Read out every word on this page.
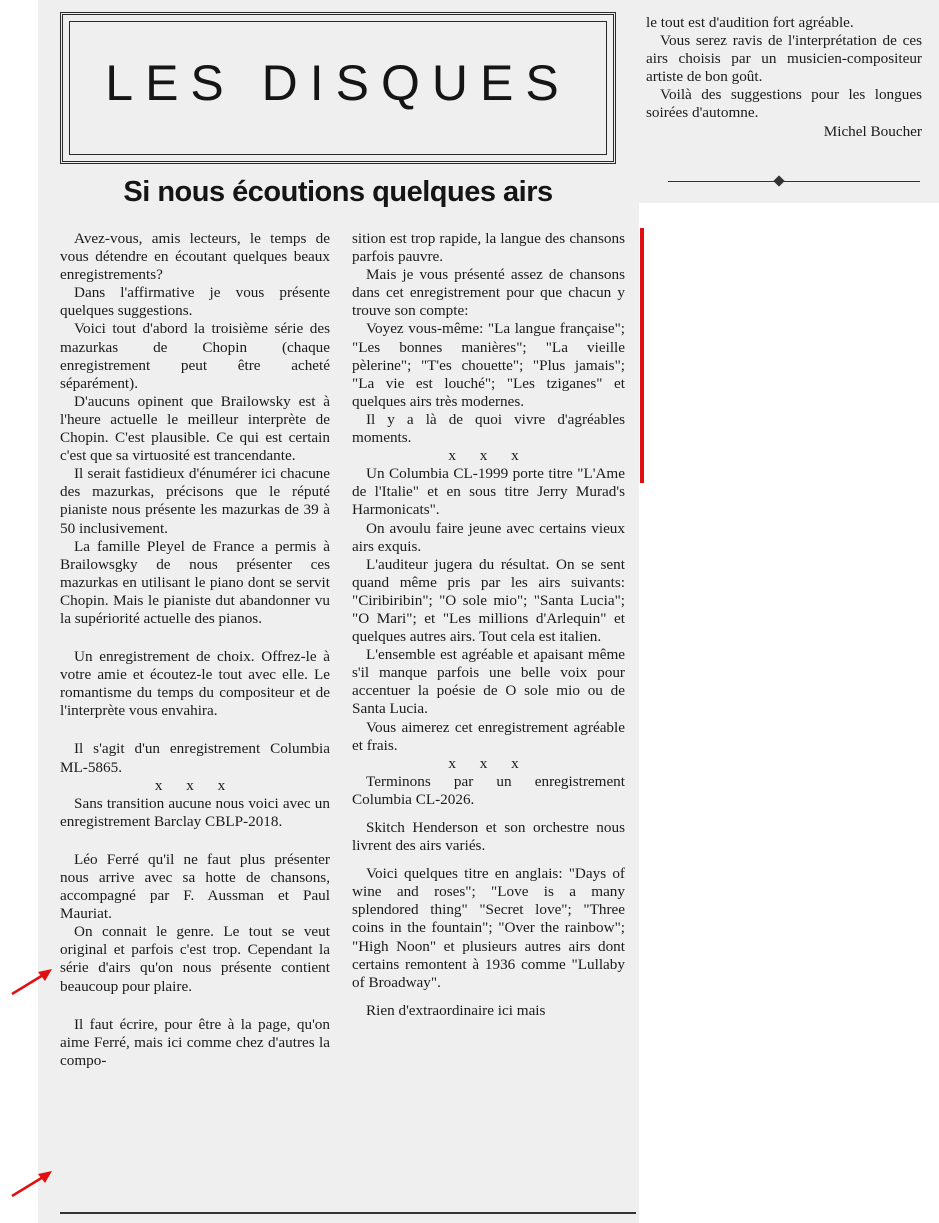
LES DISQUES
Si nous écoutions quelques airs

Avez-vous, amis lecteurs, le temps de vous détendre en écoutant quelques beaux enregistrements?

Dans l'affirmative je vous présente quelques suggestions.

Voici tout d'abord la troisième série des mazurkas de Chopin (chaque enregistrement peut être acheté séparément).

D'aucuns opinent que Brailowsky est à l'heure actuelle le meilleur interprète de Chopin. C'est plausible. Ce qui est certain c'est que sa virtuosité est trancendante.

Il serait fastidieux d'énumérer ici chacune des mazurkas, précisons que le réputé pianiste nous présente les mazurkas de 39 à 50 inclusivement.

La famille Pleyel de France a permis à Brailowsgky de nous présenter ces mazurkas en utilisant le piano dont se servit Chopin. Mais le pianiste dut abandonner vu la supériorité actuelle des pianos.

Un enregistrement de choix. Offrez-le à votre amie et écoutez-le tout avec elle. Le romantisme du temps du compositeur et de l'interprète vous envahira.

Il s'agit d'un enregistrement Columbia ML-5865.

x x x

Sans transition aucune nous voici avec un enregistrement Barclay CBLP-2018.

Léo Ferré qu'il ne faut plus présenter nous arrive avec sa hotte de chansons, accompagné par F. Aussman et Paul Mauriat.

On connait le genre. Le tout se veut original et parfois c'est trop. Cependant la série d'airs qu'on nous présente contient beaucoup pour plaire.

Il faut écrire, pour être à la page, qu'on aime Ferré, mais ici comme chez d'autres la compo-

sition est trop rapide, la langue des chansons parfois pauvre.

Mais je vous présenté assez de chansons dans cet enregistrement pour que chacun y trouve son compte:

Voyez vous-même: "La langue française"; "Les bonnes manières"; "La vieille pèlerine"; "T'es chouette"; "Plus jamais"; "La vie est louché"; "Les tziganes" et quelques airs très modernes.

Il y a là de quoi vivre d'agréables moments.

x x x

Un Columbia CL-1999 porte titre "L'Ame de l'Italie" et en sous titre Jerry Murad's Harmonicats".

On avoulu faire jeune avec certains vieux airs exquis.

L'auditeur jugera du résultat. On se sent quand même pris par les airs suivants: "Ciribiribin"; "O sole mio"; "Santa Lucia"; "O Mari"; et "Les millions d'Arlequin" et quelques autres airs. Tout cela est italien.

L'ensemble est agréable et apaisant même s'il manque parfois une belle voix pour accentuer la poésie de O sole mio ou de Santa Lucia.

Vous aimerez cet enregistrement agréable et frais.

x x x

Terminons par un enregistrement Columbia CL-2026.

Skitch Henderson et son orchestre nous livrent des airs variés.

Voici quelques titre en anglais: "Days of wine and roses"; "Love is a many splendored thing" "Secret love"; "Three coins in the fountain"; "Over the rainbow"; "High Noon" et plusieurs autres airs dont certains remontent à 1936 comme "Lullaby of Broadway".

Rien d'extraordinaire ici mais

le tout est d'audition fort agréable.

Vous serez ravis de l'interprétation de ces airs choisis par un musicien-compositeur artiste de bon goût.

Voilà des suggestions pour les longues soirées d'automne.

Michel Boucher
